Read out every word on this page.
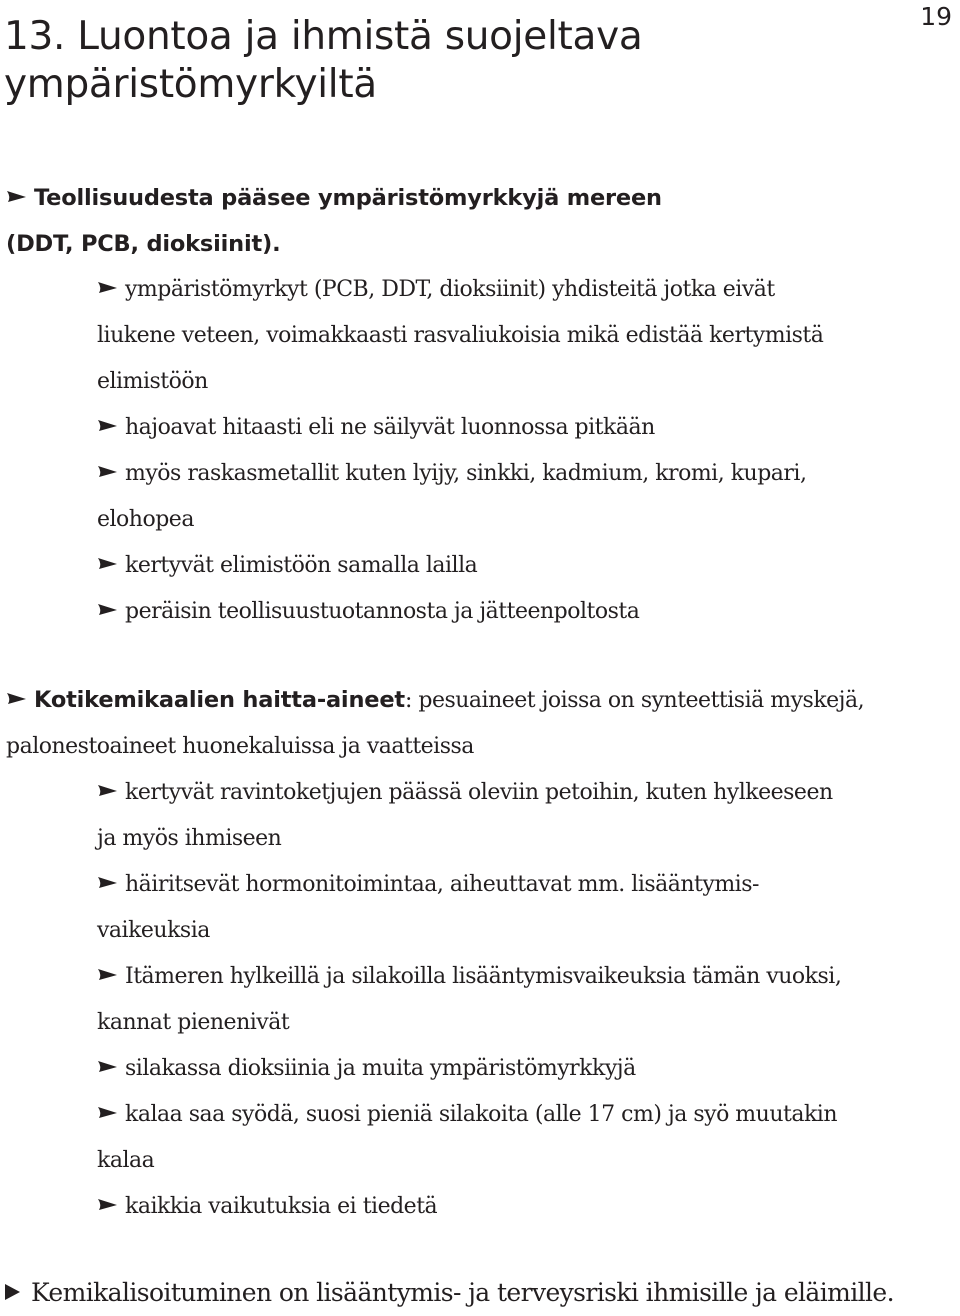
19
13. Luontoa ja ihmistä suojeltava
ympäristömyrkyiltä
Teollisuudesta pääsee ympäristömyrkkyjä mereen
(DDT, PCB, dioksiinit).
ympäristömyrkyt (PCB, DDT, dioksiinit) yhdisteitä jotka eivät
liukene veteen, voimakkaasti rasvaliukoisia mikä edistää kertymistä
elimistöön
hajoavat hitaasti eli ne säilyvät luonnossa pitkään
myös raskasmetallit kuten lyijy, sinkki, kadmium, kromi, kupari,
elohopea
kertyvät elimistöön samalla lailla
peräisin teollisuustuotannosta ja jätteenpoltosta
Kotikemikaalien haitta-aineet: pesuaineet joissa on synteettisiä myskejä,
palonestoaineet huonekaluissa ja vaatteissa
kertyvät ravintoketjujen päässä oleviin petoihin, kuten hylkeeseen
ja myös ihmiseen
häiritsevät hormonitoimintaa, aiheuttavat mm. lisääntymis-
vaikeuksia
Itämeren hylkeillä ja silakoilla lisääntymisvaikeuksia tämän vuoksi,
kannat pienenivät
silakassa dioksiinia ja muita ympäristömyrkkyjä
kalaa saa syödä, suosi pieniä silakoita (alle 17 cm) ja syö muutakin
kalaa
kaikkia vaikutuksia ei tiedetä
Kemikalisoituminen on lisääntymis- ja terveysriski ihmisille ja eläimille.
